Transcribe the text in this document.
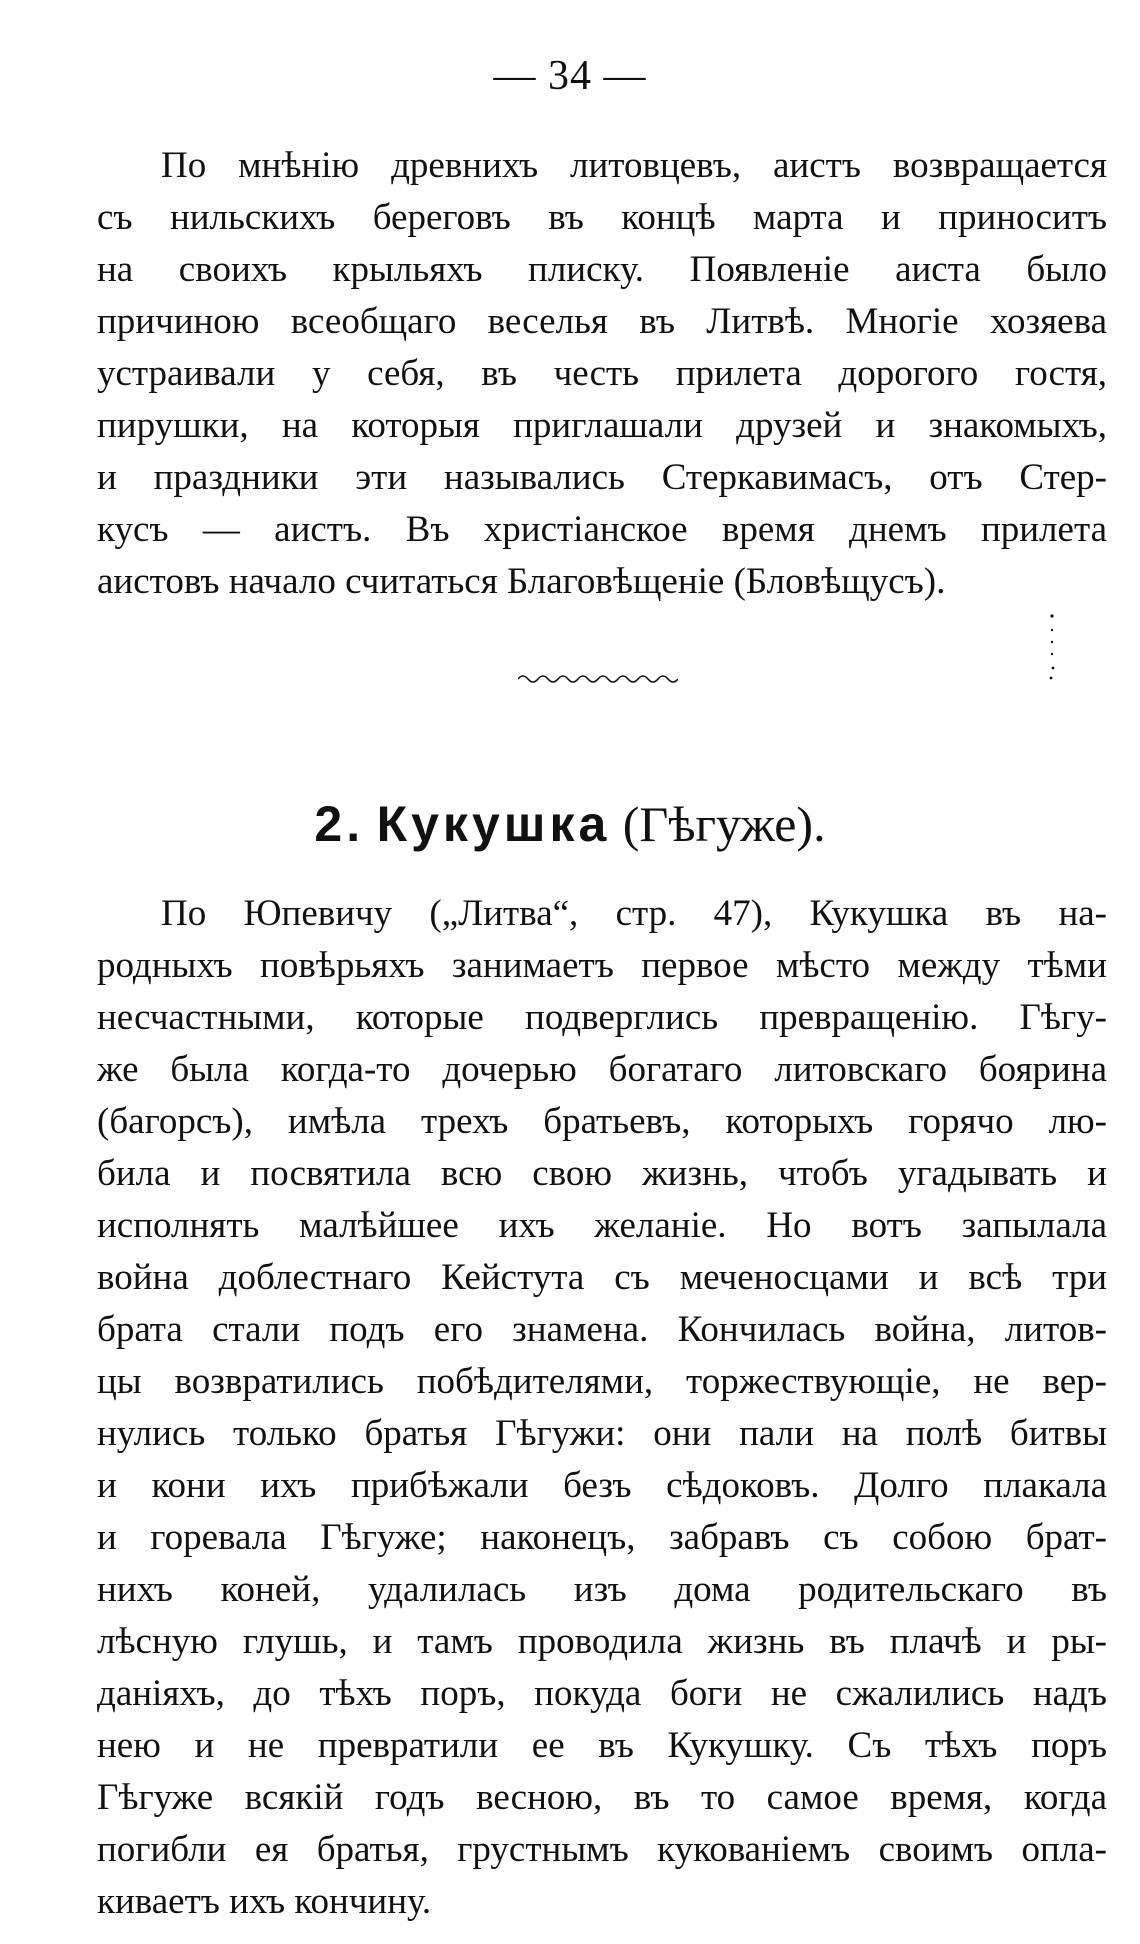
— 34 —
По мнѣнію древнихъ литовцевъ, аистъ возвращается
съ нильскихъ береговъ въ концѣ марта и приноситъ
на своихъ крыльяхъ плиску. Появленіе аиста было
причиною всеобщаго веселья въ Литвѣ. Многіе хозяева
устраивали у себя, въ честь прилета дорогого гостя,
пирушки, на которыя приглашали друзей и знакомыхъ,
и праздники эти назывались Стеркавимасъ, отъ Стер-
кусъ — аистъ. Въ христіанское время днемъ прилета
аистовъ начало считаться Благовѣщеніе (Бловѣщусъ).
2. Кукушка (Гѣгуже).
По Юпевичу („Литва“, стр. 47), Кукушка въ на-
родныхъ повѣрьяхъ занимаетъ первое мѣсто между тѣми
несчастными, которые подверглись превращенію. Гѣгу-
же была когда-то дочерью богатаго литовскаго боярина
(багорсъ), имѣла трехъ братьевъ, которыхъ горячо лю-
била и посвятила всю свою жизнь, чтобъ угадывать и
исполнять малѣйшее ихъ желаніе. Но вотъ запылала
война доблестнаго Кейстута съ меченосцами и всѣ три
брата стали подъ его знамена. Кончилась война, литов-
цы возвратились побѣдителями, торжествующіе, не вер-
нулись только братья Гѣгужи: они пали на полѣ битвы
и кони ихъ прибѣжали безъ сѣдоковъ. Долго плакала
и горевала Гѣгуже; наконецъ, забравъ съ собою брат-
нихъ коней, удалилась изъ дома родительскаго въ
лѣсную глушь, и тамъ проводила жизнь въ плачѣ и ры-
даніяхъ, до тѣхъ поръ, покуда боги не сжалились надъ
нею и не превратили ее въ Кукушку. Съ тѣхъ поръ
Гѣгуже всякій годъ весною, въ то самое время, когда
погибли ея братья, грустнымъ кукованіемъ своимъ опла-
киваетъ ихъ кончину.
